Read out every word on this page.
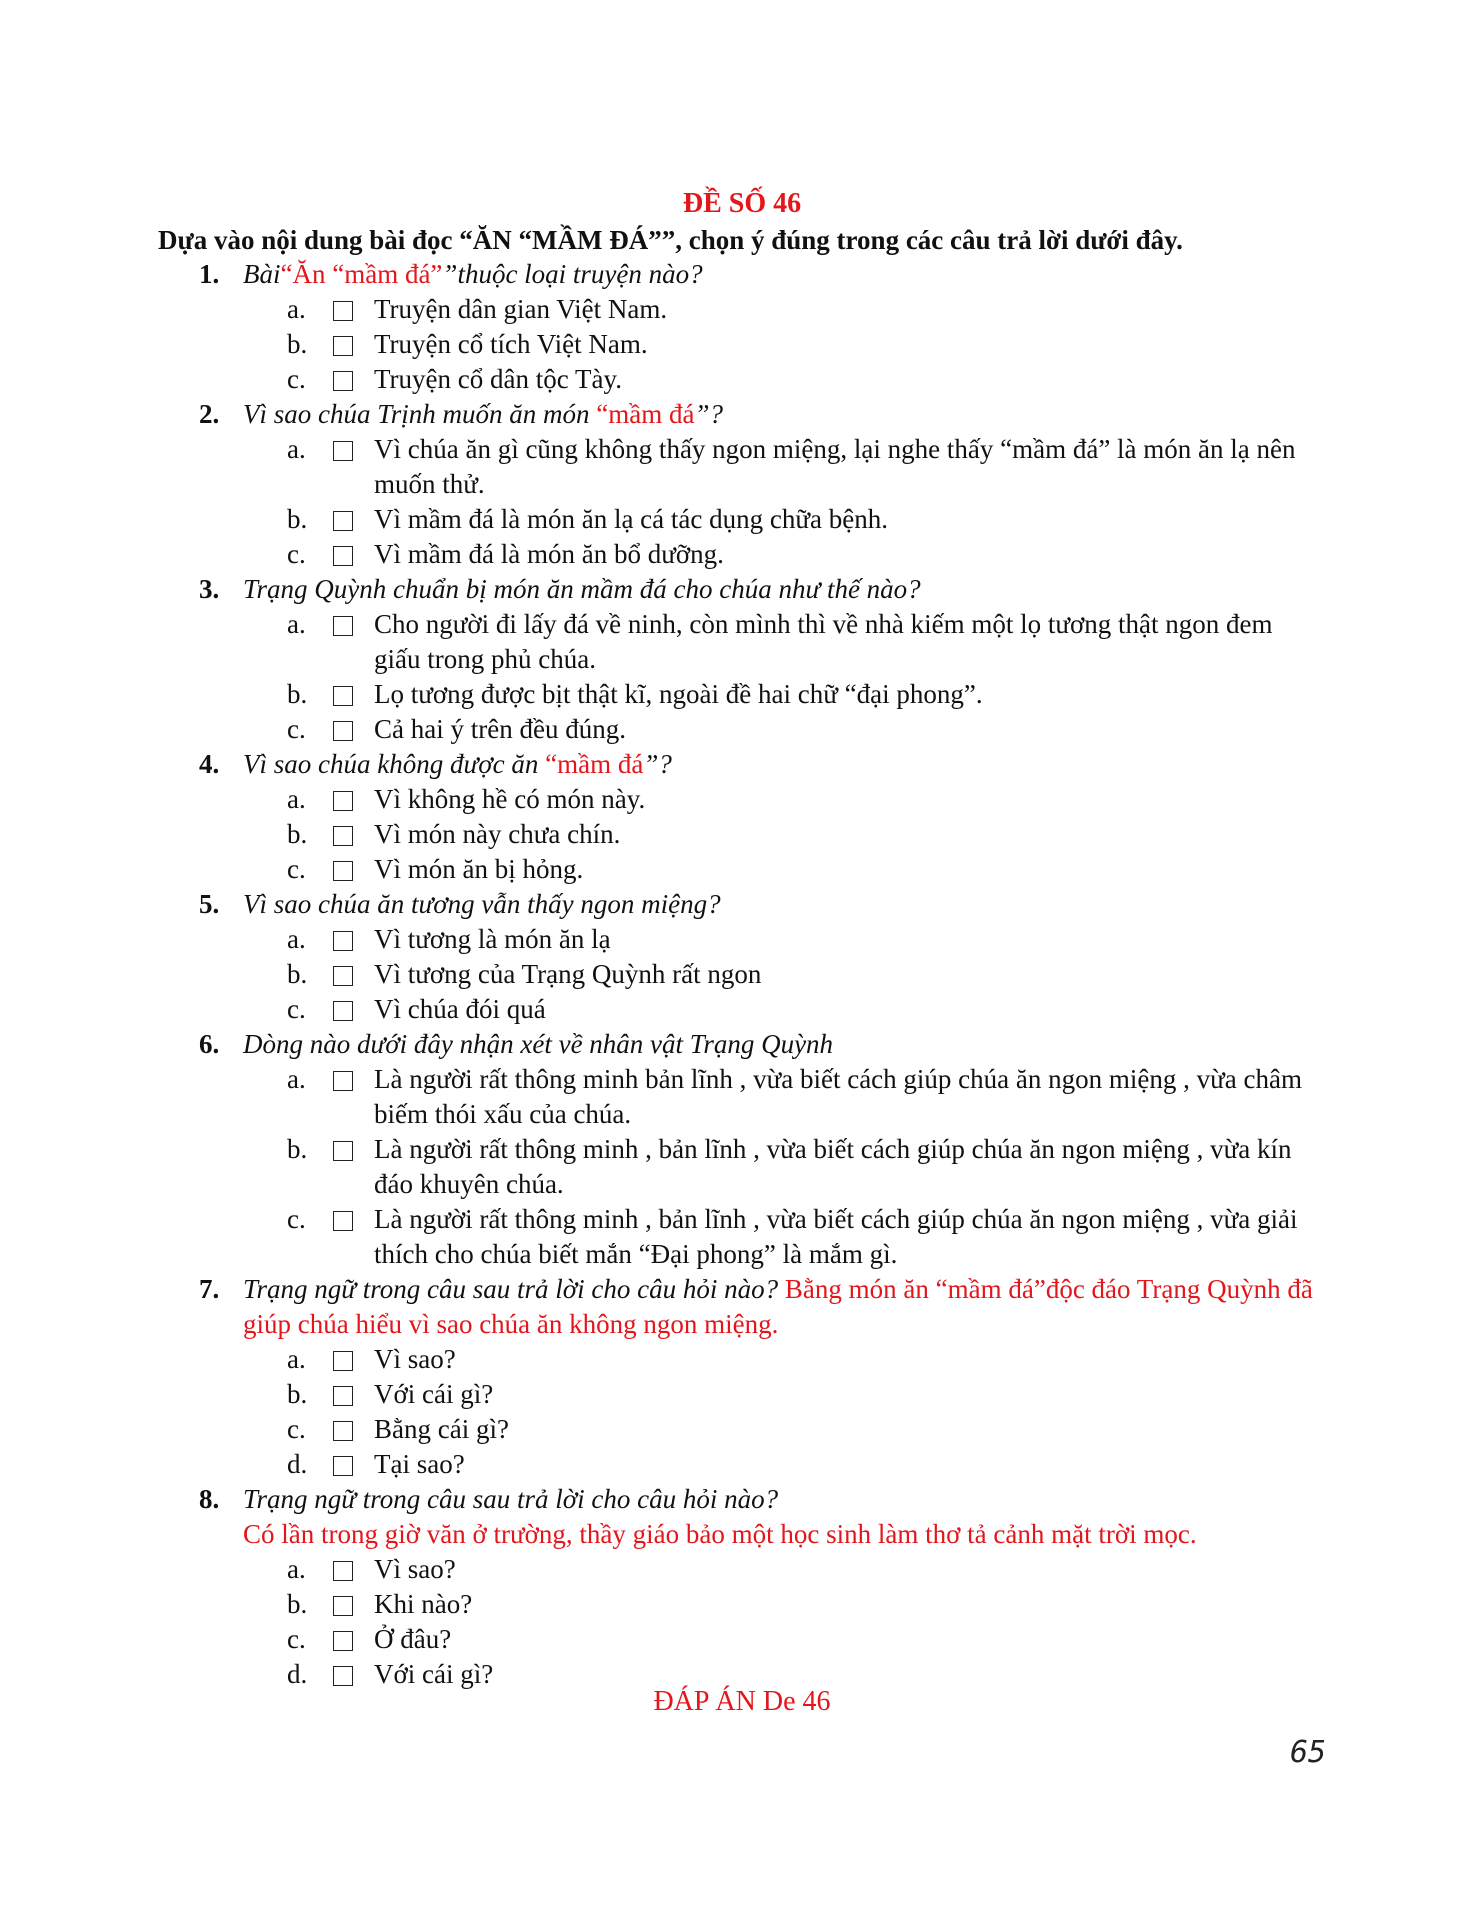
ĐỀ SỐ 46
Dựa vào nội dung bài đọc “ĂN “MẦM ĐÁ””, chọn ý đúng trong các câu trả lời dưới đây.
1. Bài“Ăn “mầm đá””thuộc loại truyện nào?
a.	Truyện dân gian Việt Nam.
b. Truyện cổ tích Việt Nam.
c.	Truyện cổ dân tộc Tày.
2. Vì sao chúa Trịnh muốn ăn món “mầm đá”?
a.	Vì chúa ăn gì cũng không thấy ngon miệng, lại nghe thấy “mầm đá” là món ăn lạ nên muốn thử.
b. Vì mầm đá là món ăn lạ cá tác dụng chữa bệnh.
c.	Vì mầm đá là món ăn bổ dưỡng.
3. Trạng Quỳnh chuẩn bị món ăn mầm đá cho chúa như thế nào?
a.	Cho người đi lấy đá về ninh, còn mình thì về nhà kiếm một lọ tương thật ngon đem giấu trong phủ chúa.
b. Lọ tương được bịt thật kĩ, ngoài đề hai chữ “đại phong”.
c.	Cả hai ý trên đều đúng.
4. Vì sao chúa không được ăn “mầm đá”?
a.	Vì không hề có món này.
b. Vì món này chưa chín.
c.	Vì món ăn bị hỏng.
5. Vì sao chúa ăn tương vẫn thấy ngon miệng?
a.	Vì tương là món ăn lạ
b. Vì tương của Trạng Quỳnh rất ngon
c.	Vì chúa đói quá
6. Dòng nào dưới đây nhận xét về nhân vật Trạng Quỳnh
a.	Là người rất thông minh bản lĩnh , vừa biết cách giúp chúa ăn ngon miệng , vừa châm biếm thói xấu của chúa.
b. Là người rất thông minh , bản lĩnh , vừa biết cách giúp chúa ăn ngon miệng , vừa kín đáo khuyên chúa.
c.	Là người rất thông minh , bản lĩnh , vừa biết cách giúp chúa ăn ngon miệng , vừa giải thích cho chúa biết mắn “Đại phong” là mắm gì.
7. Trạng ngữ trong câu sau trả lời cho câu hỏi nào? Bằng món ăn “mầm đá”độc đáo Trạng Quỳnh đã giúp chúa hiểu vì sao chúa ăn không ngon miệng.
a.	Vì sao?
b. Với cái gì?
c.	Bằng cái gì?
d. Tại sao?
8. Trạng ngữ trong câu sau trả lời cho câu hỏi nào?
Có lần trong giờ văn ở trường, thầy giáo bảo một học sinh làm thơ tả cảnh mặt trời mọc.
a.	Vì sao?
b. Khi nào?
c.	Ở đâu?
d. Với cái gì?
ĐÁP ÁN De 46
65
